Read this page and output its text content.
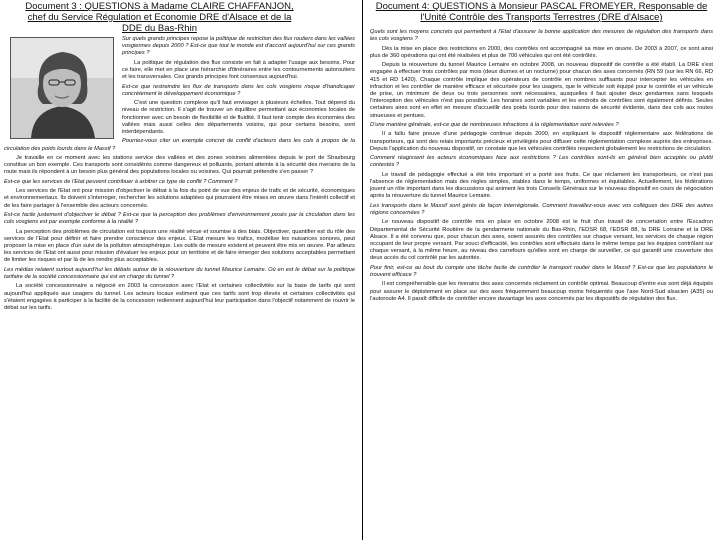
Document 3 : QUESTIONS à Madame CLAIRE CHAFFANJON, chef du Service Régulation et Economie DRE d'Alsace et de la DDE du Bas-Rhin

Sur quels grands principes repose la politique de restriction des flux routiers dans les vallées vosgiennes depuis 2000 ? Est-ce que tout le monde est d'accord aujourd'hui sur ces grands principes ?

La politique de régulation des flux consiste en fait à adapter l'usage aux besoins. Pour ce faire, elle met en place une hiérarchie d'itinéraires entre les contournements autoroutiers et les transversales. Ces grands principes font consensus aujourd'hui.

Est-ce que restreindre les flux de transports dans les cols vosgiens risque d'handicaper concrètement le développement économique ?

C'est une question complexe qu'il faut envisager à plusieurs échelles. Tout dépend du niveau de restriction. Il s'agit de trouver un équilibre permettant aux économies locales de fonctionner avec un besoin de flexibilité et de fluidité. Il faut tenir compte des économies des vallées mais aussi celles des départements voisins, qui pour certains besoins, sont interdépendants.

Pourriez-vous citer un exemple concret de conflit d'acteurs dans les cols à propos de la circulation des poids lourds dans le Massif ?

Je travaille en ce moment avec les stations service des vallées et des zones voisines alimentées depuis le port de Strasbourg constitue un bon exemple. Ces transports sont considérés comme dangereux et polluants, portant atteinte à la sécurité des riverains de la route mais ils répondent à un besoin plus général des populations locales ou voisines. Qui pourrait prétendre s'en passer ?

Est-ce que les services de l'Etat peuvent contribuer à arbitrer ce type de conflit ? Comment ?

Les services de l'Etat ont pour mission d'objectiver le débat à la fois du point de vue des enjeux de trafic et de sécurité, économiques et environnementaux. Ils doivent s'interroger, rechercher les solutions adaptées qui pourraient être mises en œuvre dans l'intérêt collectif et de les faire partager à l'ensemble des acteurs concernés.

Est-ce facile justement d'objectiver le débat ? Est-ce que la perception des problèmes d'environnement posés par la circulation dans les cols vosgiens est par exemple conforme à la réalité ?

La perception des problèmes de circulation est toujours une réalité vécue et soumise à des biais. Objectiver, quantifier est du rôle des services de l'Etat pour définir et faire prendre conscience des enjeux. L'Etat mesure les trafics, modélise les nuisances sonores, peut proposer la mise en place d'un suivi de la pollution atmosphérique. Les outils de mesure existent et peuvent être mis en œuvre. Par ailleurs les services de l'Etat ont aussi pour mission d'évaluer les enjeux pour un territoire et de faire émerger des solutions acceptables permettant de limiter les risques et par là de les rendre plus acceptables.

Les médias relaient surtout aujourd'hui les débats autour de la réouverture du tunnel Maurice Lemaire. Où en est le débat sur la politique tarifaire de la société concessionnaire qui est en charge du tunnel ?

La société concessionnaire a négocié en 2003 la concession avec l'Etat et certaines collectivités sur la base de tarifs qui sont aujourd'hui appliqués aux usagers du tunnel. Les acteurs locaux estiment que ces tarifs sont trop élevés et certaines collectivités qui s'étaient engagées à participer à la facilité de la concession rediennent aujourd'hui leur participation dans l'objectif notamment de rouvrir le débat sur les tarifs.

Document 4: QUESTIONS à Monsieur PASCAL FROMEYER, Responsable de l'Unité Contrôle des Transports Terrestres (DRE d'Alsace)

Quels sont les moyens concrets qui permettent à l'Etat d'assurer la bonne application des mesures de régulation des transports dans les cols vosgiens ?

Dès la mise en place des restrictions en 2000, des contrôles ont accompagné sa mise en œuvre. De 2003 à 2007, ce sont ainsi plus de 360 opérations qui ont été réalisées et plus de 700 véhicules qui ont été contrôlés.

Depuis la réouverture du tunnel Maurice Lemaire en octobre 2008, un nouveau dispositif de contrôle a été établi. La DRE s'est engagée à effectuer trois contrôles par mois (deux diurnes et un nocturne) pour chacun des axes concernés (RN 59 (sur les RN 66, RD 415 et RD 1420). Chaque contrôle implique des opérateurs de contrôle en nombres suffisants pour intercepter les véhicules en infraction et les contrôler de manière efficace et sécurisée pour les usagers, que le véhicule soit équipé pour le contrôle et un véhicule de prise, un minimum de deux ou trois personnes sont nécessaires, auxquelles il faut ajouter deux gendarmes sans lesquels l'interception des véhicules n'est pas possible. Les horaires sont variables et les endroits de contrôles sont également définis. Seules certaines aires sont en effet en mesure d'accueillir des poids lourds pour des raisons de sécurité évidente, dans des cols aux routes sinueuses et pentues.

D'une manière générale, est-ce que de nombreuses infractions à la réglementation sont relevées ?

Il a fallu faire preuve d'une pédagogie continue depuis 2000, en expliquant le dispositif réglementaire aux fédérations de transporteurs, qui sont des relais importants précieux et privilégiés pour diffuser cette réglementation complexe auprès des entreprises. Depuis l'application du nouveau dispositif, on constate que les véhicules contrôlés respectent globalement les restrictions de circulation.

Comment réagissent les acteurs économiques face aux restrictions ? Les contrôles sont-ils en général bien acceptés ou plutôt contestés ?

Le travail de pédagogie effectué a été très important et a porté ses fruits. Ce que réclament les transporteurs, ce n'est pas l'absence de réglementation mais des règles simples, stables dans le temps, uniformes et équitables. Actuellement, les fédérations jouent un rôle important dans les discussions qui animent les trois Conseils Généraux sur le nouveau dispositif en cours de négociation après la réouverture du tunnel Maurice Lemaire.

Les transports dans le Massif sont gérés de façon interrégionale. Comment travaillez-vous avec vos collègues des DRE des autres régions concernées ?

Le nouveau dispositif de contrôle mis en place en octobre 2008 est le fruit d'un travail de concertation entre l'Escadron Départemental de Sécurité Routière de la gendarmerie nationale du Bas-Rhin, l'EDSR 68, l'EDSR 88, la DRE Lorraine et la DRE Alsace. Il a été convenu que, pour chacun des axes, soient assurés des contrôles sur chaque versant, les services de chaque région occupant de leur propre versant. Par souci d'efficacité, les contrôles sont effectués dans le même temps par les équipes contrôlant sur chaque versant, à la même heure, au niveau des carrefours qu'elles sont en charge de surveiller, ce qui garantit une couverture des deux accès du col contrôlé par les autorités.

Pour finir, est-ce au bout du compte une tâche facile de contrôler le transport routier dans le Massif ? Est-ce que les populations le trouvent efficace ?

Il est compréhensible que les riverains des axes concernés réclament un contrôle optimal. Beaucoup d'entre eux sont déjà équipés pour assurer le dépistement en place sur des axes fréquemment beaucoup moins fréquentés que l'axe Nord-Sud alsacien (A35) ou l'autoroute A4. Il paraît difficile de contrôler encore davantage les axes concernés par les dispositifs de régulation des flux.
